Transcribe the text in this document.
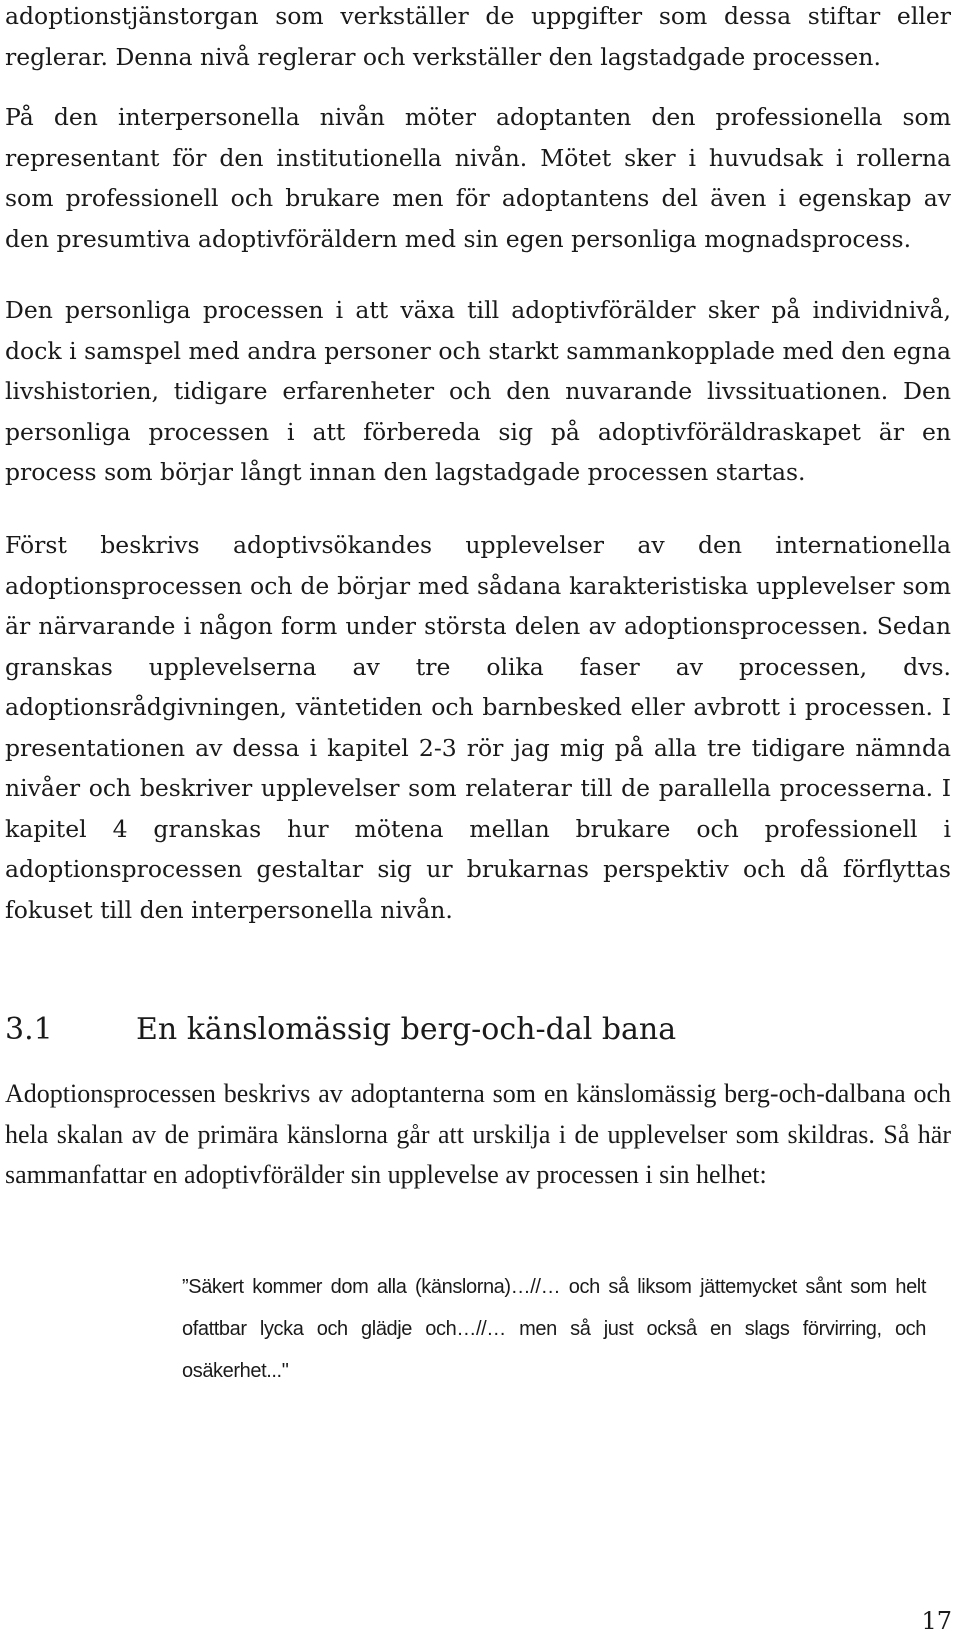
adoptionstjänstorgan som verkställer de uppgifter som dessa stiftar eller reglerar. Denna nivå reglerar och verkställer den lagstadgade processen.

På den interpersonella nivån möter adoptanten den professionella som representant för den institutionella nivån. Mötet sker i huvudsak i rollerna som professionell och brukare men för adoptantens del även i egenskap av den presumtiva adoptivföräldern med sin egen personliga mognadsprocess.

Den personliga processen i att växa till adoptivförälder sker på individnivå, dock i samspel med andra personer och starkt sammankopplade med den egna livshistorien, tidigare erfarenheter och den nuvarande livssituationen. Den personliga processen i att förbereda sig på adoptivföräldraskapet är en process som börjar långt innan den lagstadgade processen startas.

Först beskrivs adoptivsökandes upplevelser av den internationella adoptionsprocessen och de börjar med sådana karakteristiska upplevelser som är närvarande i någon form under största delen av adoptionsprocessen. Sedan granskas upplevelserna av tre olika faser av processen, dvs. adoptionsrådgivningen, väntetiden och barnbesked eller avbrott i processen. I presentationen av dessa i kapitel 2-3 rör jag mig på alla tre tidigare nämnda nivåer och beskriver upplevelser som relaterar till de parallella processerna. I kapitel 4 granskas hur mötena mellan brukare och professionell i adoptionsprocessen gestaltar sig ur brukarnas perspektiv och då förflyttas fokuset till den interpersonella nivån.

3.1	En känslomässig berg-och-dal bana

Adoptionsprocessen beskrivs av adoptanterna som en känslomässig berg-och-dalbana och hela skalan av de primära känslorna går att urskilja i de upplevelser som skildras. Så här sammanfattar en adoptivförälder sin upplevelse av processen i sin helhet:

”Säkert kommer dom alla (känslorna)…//… och så liksom jättemycket sånt som helt ofattbar lycka och glädje och…//… men så just också en slags förvirring, och osäkerhet..."

17
